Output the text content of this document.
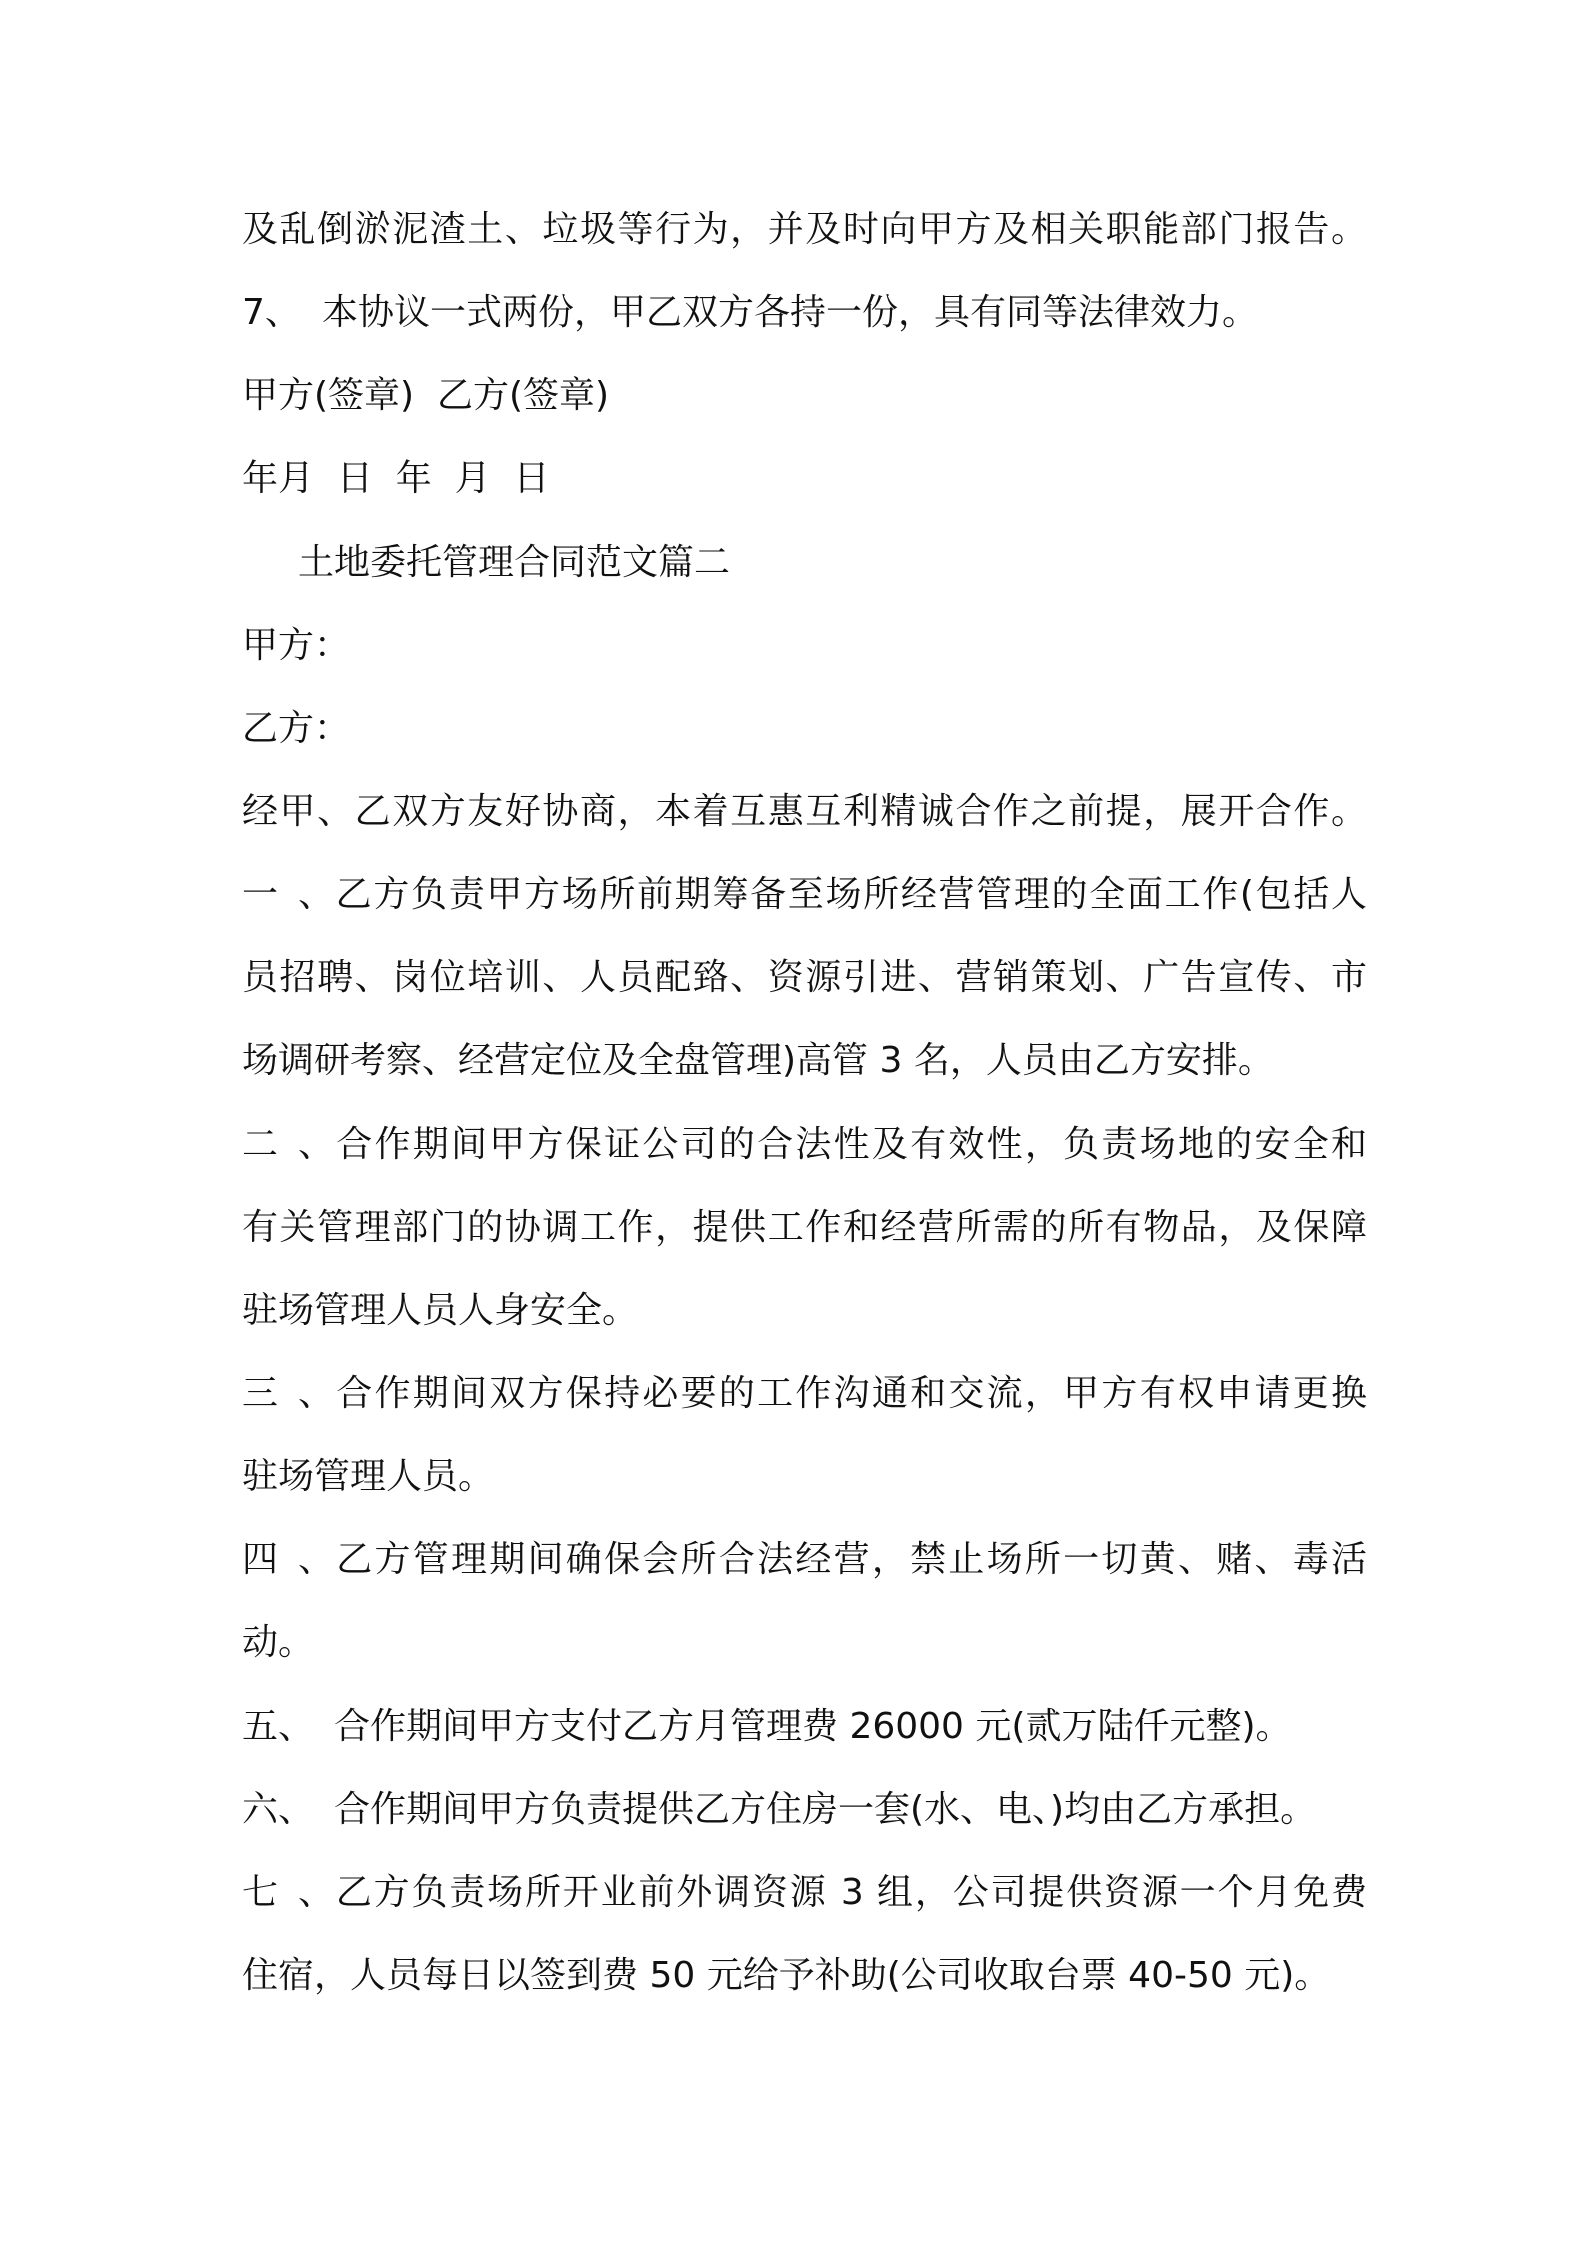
及乱倒淤泥渣土、垃圾等行为，并及时向甲方及相关职能部门报告。
7、 本协议一式两份，甲乙双方各持一份，具有同等法律效力。
甲方(签章)  乙方(签章)
年月  日  年  月  日
土地委托管理合同范文篇二
甲方：
乙方：
经甲、乙双方友好协商，本着互惠互利精诚合作之前提，展开合作。
一、乙方负责甲方场所前期筹备至场所经营管理的全面工作(包括人
员招聘、岗位培训、人员配臵、资源引进、营销策划、广告宣传、市
场调研考察、经营定位及全盘管理)高管 3 名，人员由乙方安排。
二、合作期间甲方保证公司的合法性及有效性，负责场地的安全和
有关管理部门的协调工作，提供工作和经营所需的所有物品，及保障
驻场管理人员人身安全。
三、合作期间双方保持必要的工作沟通和交流，甲方有权申请更换
驻场管理人员。
四、乙方管理期间确保会所合法经营，禁止场所一切黄、赌、毒活
动。
五、 合作期间甲方支付乙方月管理费 26000 元(贰万陆仟元整)。
六、 合作期间甲方负责提供乙方住房一套(水、电、)均由乙方承担。
七、乙方负责场所开业前外调资源 3 组，公司提供资源一个月免费
住宿，人员每日以签到费 50 元给予补助(公司收取台票 40-50 元)。
